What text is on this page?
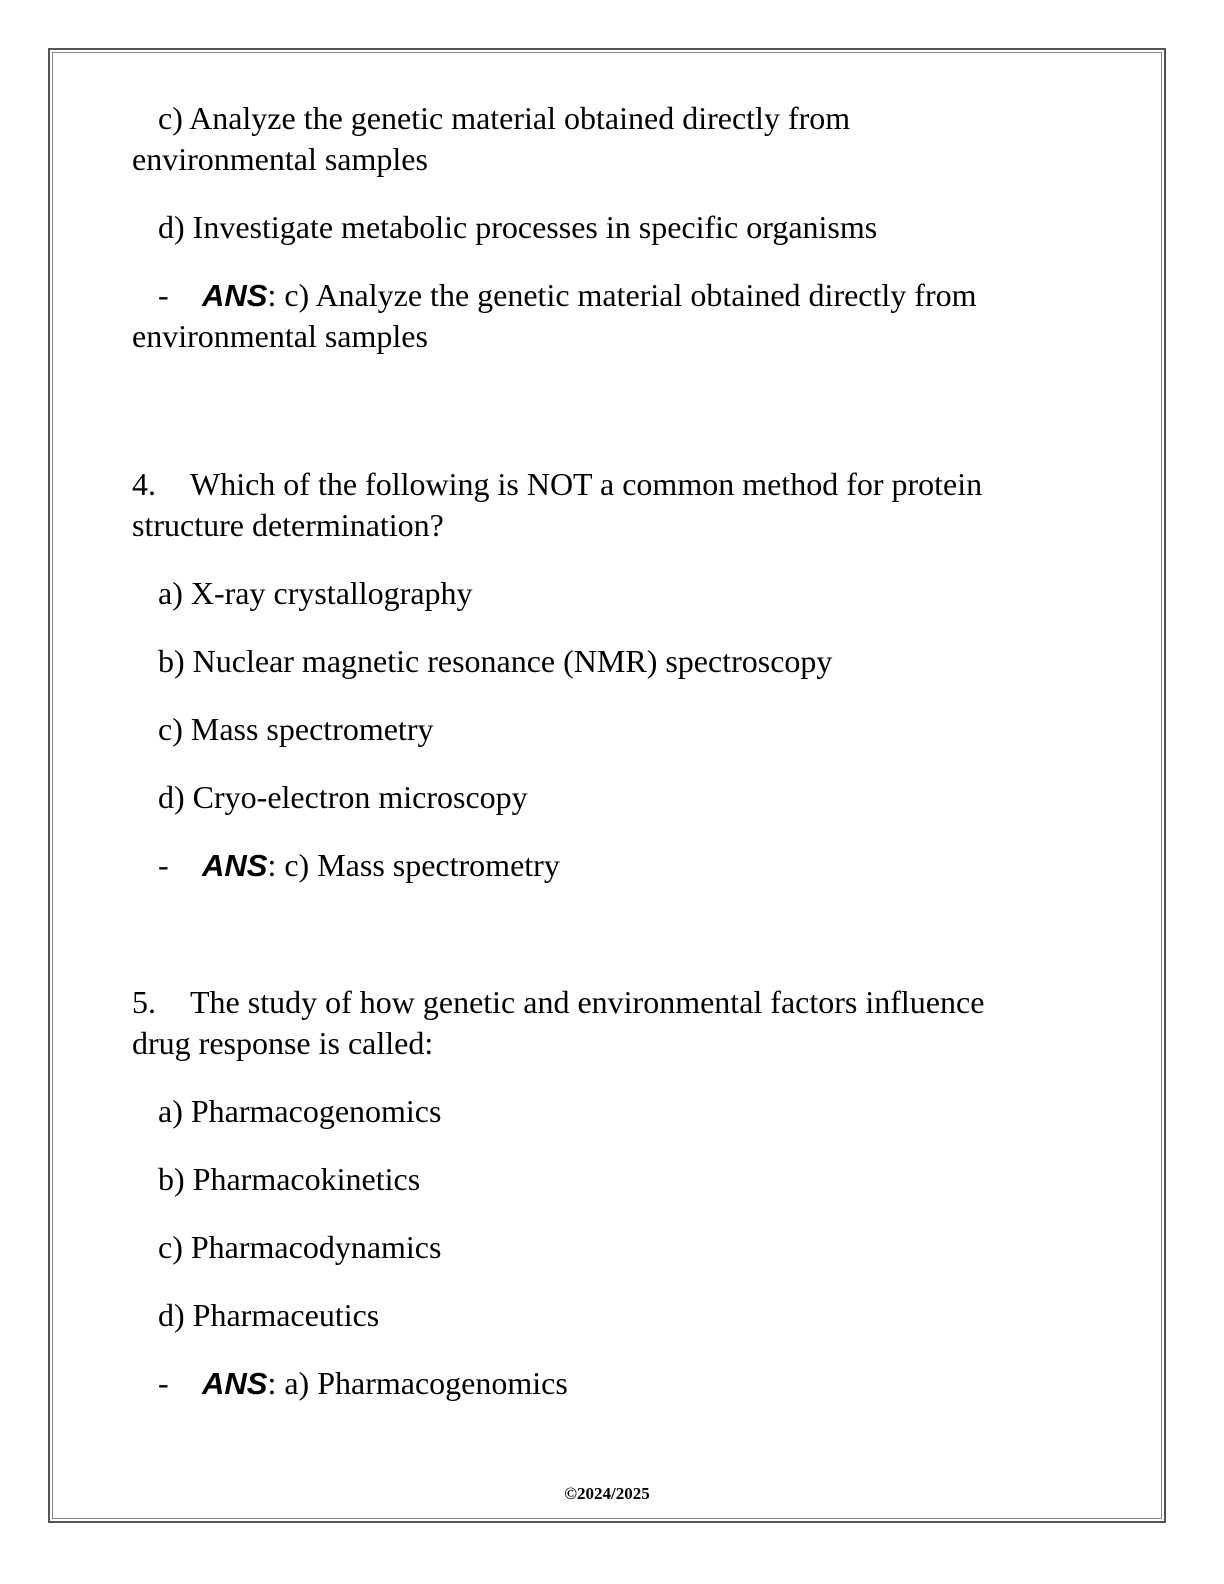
c) Analyze the genetic material obtained directly from
environmental samples
d) Investigate metabolic processes in specific organisms
- ANS: c) Analyze the genetic material obtained directly from
environmental samples
4. Which of the following is NOT a common method for protein
structure determination?
a) X-ray crystallography
b) Nuclear magnetic resonance (NMR) spectroscopy
c) Mass spectrometry
d) Cryo-electron microscopy
- ANS: c) Mass spectrometry
5. The study of how genetic and environmental factors influence
drug response is called:
a) Pharmacogenomics
b) Pharmacokinetics
c) Pharmacodynamics
d) Pharmaceutics
- ANS: a) Pharmacogenomics
©2024/2025
